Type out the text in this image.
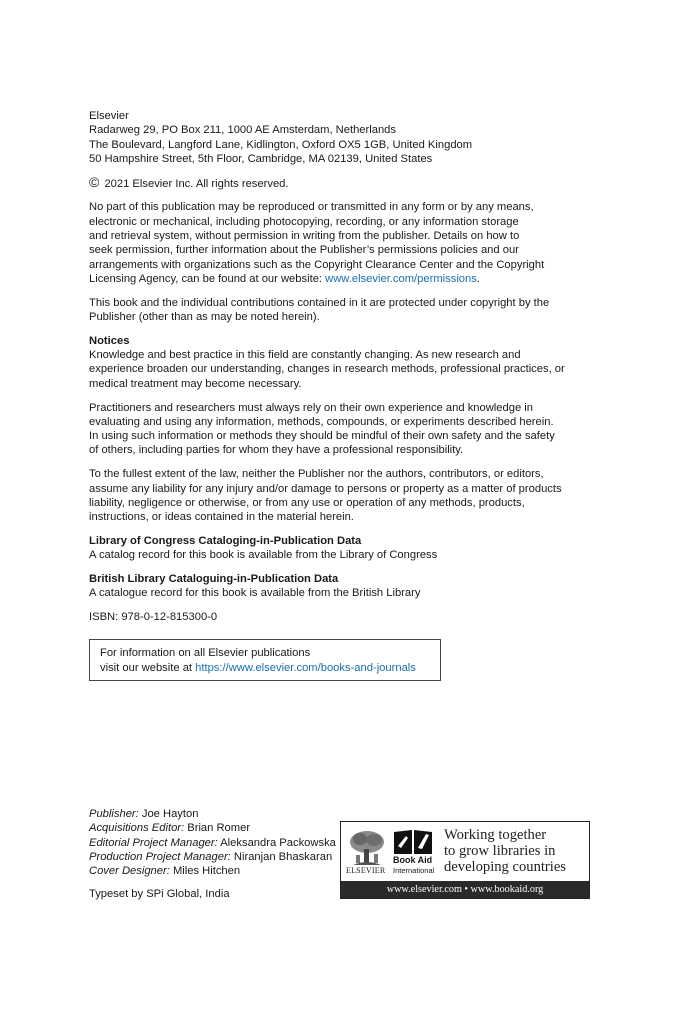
Elsevier
Radarweg 29, PO Box 211, 1000 AE Amsterdam, Netherlands
The Boulevard, Langford Lane, Kidlington, Oxford OX5 1GB, United Kingdom
50 Hampshire Street, 5th Floor, Cambridge, MA 02139, United States

© 2021 Elsevier Inc. All rights reserved.

No part of this publication may be reproduced or transmitted in any form or by any means,
electronic or mechanical, including photocopying, recording, or any information storage
and retrieval system, without permission in writing from the publisher. Details on how to
seek permission, further information about the Publisher’s permissions policies and our
arrangements with organizations such as the Copyright Clearance Center and the Copyright
Licensing Agency, can be found at our website: www.elsevier.com/permissions.

This book and the individual contributions contained in it are protected under copyright by the
Publisher (other than as may be noted herein).

Notices
Knowledge and best practice in this field are constantly changing. As new research and
experience broaden our understanding, changes in research methods, professional practices, or
medical treatment may become necessary.

Practitioners and researchers must always rely on their own experience and knowledge in
evaluating and using any information, methods, compounds, or experiments described herein.
In using such information or methods they should be mindful of their own safety and the safety
of others, including parties for whom they have a professional responsibility.

To the fullest extent of the law, neither the Publisher nor the authors, contributors, or editors,
assume any liability for any injury and/or damage to persons or property as a matter of products
liability, negligence or otherwise, or from any use or operation of any methods, products,
instructions, or ideas contained in the material herein.

Library of Congress Cataloging-in-Publication Data
A catalog record for this book is available from the Library of Congress

British Library Cataloguing-in-Publication Data
A catalogue record for this book is available from the British Library

ISBN: 978-0-12-815300-0

For information on all Elsevier publications
visit our website at https://www.elsevier.com/books-and-journals
Publisher: Joe Hayton
Acquisitions Editor: Brian Romer
Editorial Project Manager: Aleksandra Packowska
Production Project Manager: Niranjan Bhaskaran
Cover Designer: Miles Hitchen
Typeset by SPi Global, India
ELSEVIER
Book Aid
International
Working together
to grow libraries in
developing countries
www.elsevier.com • www.bookaid.org
